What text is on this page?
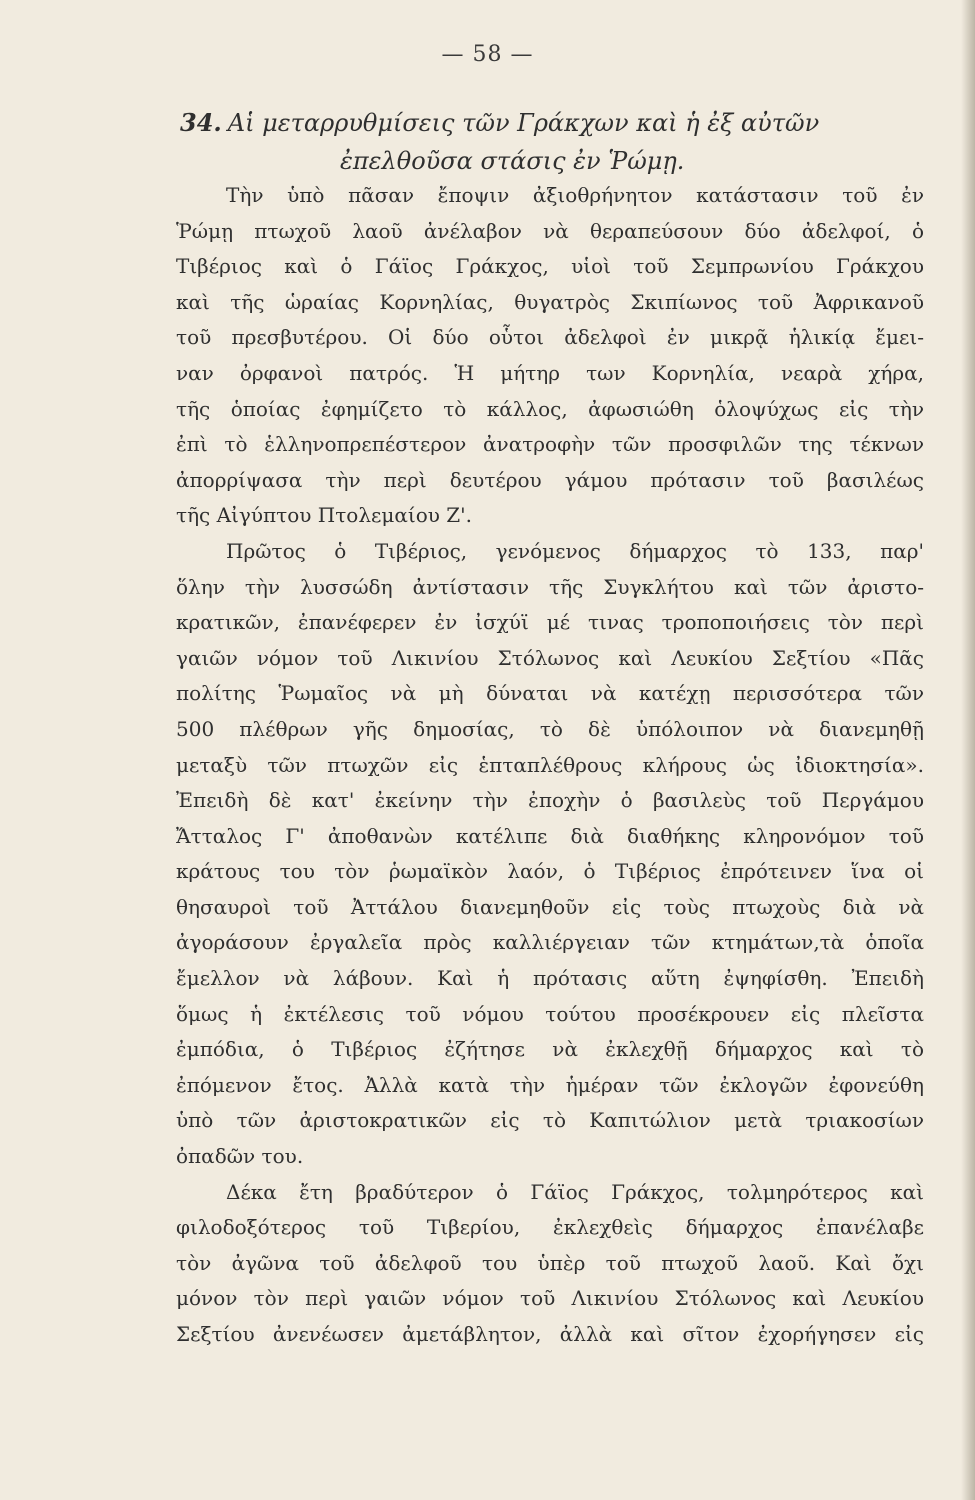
— 58 —
34. Αἱ μεταρρυθμίσεις τῶν Γράκχων καὶ ἡ ἐξ αὐτῶν
ἐπελθοῦσα στάσις ἐν Ῥώμῃ.
Τὴν ὑπὸ πᾶσαν ἔποψιν ἀξιοθρήνητον κατάστασιν τοῦ ἐν
Ῥώμῃ πτωχοῦ λαοῦ ἀνέλαβον νὰ θεραπεύσουν δύο ἀδελφοί, ὁ
Τιβέριος καὶ ὁ Γάϊος Γράκχος, υἱοὶ τοῦ Σεμπρωνίου Γράκχου
καὶ τῆς ὡραίας Κορνηλίας, θυγατρὸς Σκιπίωνος τοῦ Ἀφρικανοῦ
τοῦ πρεσβυτέρου. Οἱ δύο οὗτοι ἀδελφοὶ ἐν μικρᾷ ἡλικίᾳ ἔμει-
ναν ὀρφανοὶ πατρός. Ἡ μήτηρ των Κορνηλία, νεαρὰ χήρα,
τῆς ὁποίας ἐφημίζετο τὸ κάλλος, ἀφωσιώθη ὁλοψύχως εἰς τὴν
ἐπὶ τὸ ἑλληνοπρεπέστερον ἀνατροφὴν τῶν προσφιλῶν της τέκνων
ἀπορρίψασα τὴν περὶ δευτέρου γάμου πρότασιν τοῦ βασιλέως
τῆς Αἰγύπτου Πτολεμαίου Ζ'.
Πρῶτος ὁ Τιβέριος, γενόμενος δήμαρχος τὸ 133, παρ'
ὅλην τὴν λυσσώδη ἀντίστασιν τῆς Συγκλήτου καὶ τῶν ἀριστο-
κρατικῶν, ἐπανέφερεν ἐν ἰσχύϊ μέ τινας τροποποιήσεις τὸν περὶ
γαιῶν νόμον τοῦ Λικινίου Στόλωνος καὶ Λευκίου Σεξτίου «Πᾶς
πολίτης Ῥωμαῖος νὰ μὴ δύναται νὰ κατέχῃ περισσότερα τῶν
500 πλέθρων γῆς δημοσίας, τὸ δὲ ὑπόλοιπον νὰ διανεμηθῇ
μεταξὺ τῶν πτωχῶν εἰς ἑπταπλέθρους κλήρους ὡς ἰδιοκτησία».
Ἐπειδὴ δὲ κατ' ἐκείνην τὴν ἐποχὴν ὁ βασιλεὺς τοῦ Περγάμου
Ἄτταλος Γ' ἀποθανὼν κατέλιπε διὰ διαθήκης κληρονόμον τοῦ
κράτους του τὸν ῥωμαϊκὸν λαόν, ὁ Τιβέριος ἐπρότεινεν ἵνα οἱ
θησαυροὶ τοῦ Ἀττάλου διανεμηθοῦν εἰς τοὺς πτωχοὺς διὰ νὰ
ἀγοράσουν ἐργαλεῖα πρὸς καλλιέργειαν τῶν κτημάτων,τὰ ὁποῖα
ἔμελλον νὰ λάβουν. Καὶ ἡ πρότασις αὕτη ἐψηφίσθη. Ἐπειδὴ
ὅμως ἡ ἐκτέλεσις τοῦ νόμου τούτου προσέκρουεν εἰς πλεῖστα
ἐμπόδια, ὁ Τιβέριος ἐζήτησε νὰ ἐκλεχθῇ δήμαρχος καὶ τὸ
ἐπόμενον ἔτος. Ἀλλὰ κατὰ τὴν ἡμέραν τῶν ἐκλογῶν ἐφονεύθη
ὑπὸ τῶν ἀριστοκρατικῶν εἰς τὸ Καπιτώλιον μετὰ τριακοσίων
ὀπαδῶν του.
Δέκα ἔτη βραδύτερον ὁ Γάϊος Γράκχος, τολμηρότερος καὶ
φιλοδοξότερος τοῦ Τιβερίου, ἐκλεχθεὶς δήμαρχος ἐπανέλαβε
τὸν ἀγῶνα τοῦ ἀδελφοῦ του ὑπὲρ τοῦ πτωχοῦ λαοῦ. Καὶ ὄχι
μόνον τὸν περὶ γαιῶν νόμον τοῦ Λικινίου Στόλωνος καὶ Λευκίου
Σεξτίου ἀνενέωσεν ἀμετάβλητον, ἀλλὰ καὶ σῖτον ἐχορήγησεν εἰς
